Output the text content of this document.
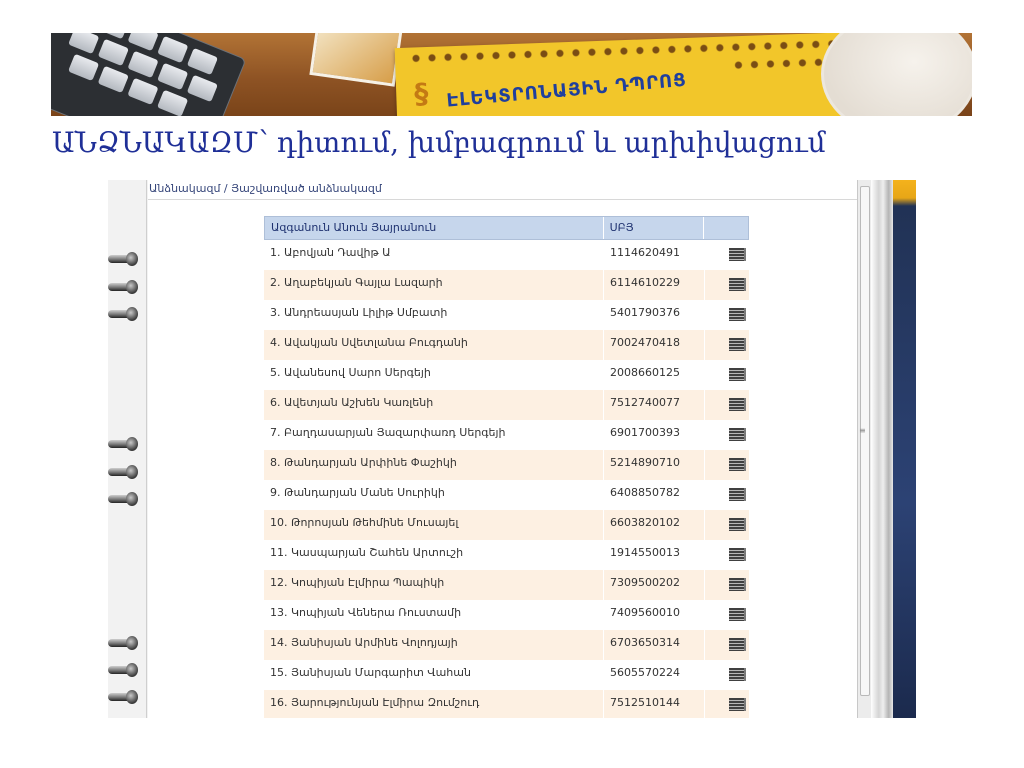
§ ԷԼԵԿՏՐՈՆԱՅԻՆ ԴՊՐՈՑ
ԱՆՁՆԱԿԱԶՄ՝ դիտում, խմբագրում և արխիվացում
Անձնակազմ / Յաշվառված անձնակազմ
Ազգանուն Անուն Յայրանուն	ՍԲՅ
1. Աբովյան Դավիթ Ա	1114620491
2. Աղաբեկյան Գայլա Լազարի	6114610229
3. Անդրեասյան Լիլիթ Սմբատի	5401790376
4. Ավակյան Սվետլանա Բուգդանի	7002470418
5. Ավանեսով Սարո Սերգեյի	2008660125
6. Ավետյան Աշխեն Կառլենի	7512740077
7. Բաղդասարյան Յազարփառդ Սերգեյի	6901700393
8. Թանդարյան Արփինե Փաշիկի	5214890710
9. Թանդարյան Մանե Սուրիկի	6408850782
10. Թորոսյան Թեհմինե Մուսայել	6603820102
11. Կասպարյան Շահեն Արտուշի	1914550013
12. Կոպիյան Էլմիրա Պապիկի	7309500202
13. Կոպիյան Վեներա Ռուստամի	7409560010
14. Յանիսյան Արմինե Վոլոդյայի	6703650314
15. Յանիսյան Մարգարիտ Վահան	5605570224
16. Յարությունյան Էլմիրա Զումշուդ	7512510144
≡
